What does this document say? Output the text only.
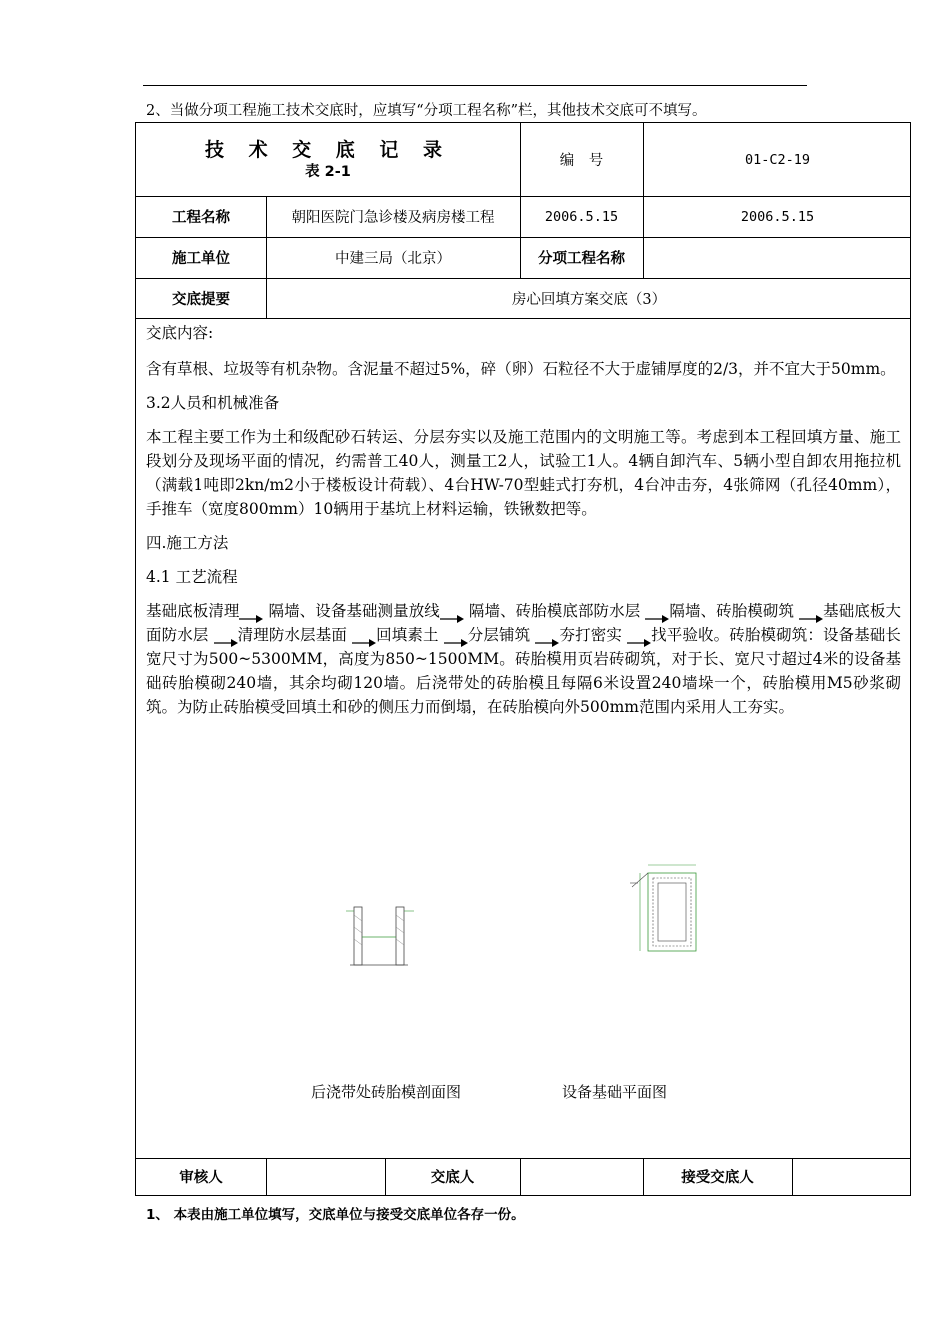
2、当做分项工程施工技术交底时，应填写“分项工程名称”栏，其他技术交底可不填写。
技 术 交 底 记 录
表 2-1
编　号	01-C2-19
工程名称	朝阳医院门急诊楼及病房楼工程	2006.5.15	2006.5.15
施工单位	中建三局（北京）	分项工程名称
交底提要	房心回填方案交底（3）

交底内容:

含有草根、垃圾等有机杂物。含泥量不超过5%，碎（卵）石粒径不大于虚铺厚度的2/3，并不宜大于50mm。

3.2人员和机械准备

本工程主要工作为土和级配砂石转运、分层夯实以及施工范围内的文明施工等。考虑到本工程回填方量、施工段划分及现场平面的情况，约需普工40人，测量工2人，试验工1人。4辆自卸汽车、5辆小型自卸农用拖拉机（满载1吨即2kn/m2小于楼板设计荷载）、4台HW-70型蛙式打夯机，4台冲击夯，4张筛网（孔径40mm），手推车（宽度800mm）10辆用于基坑上材料运输，铁锹数把等。

四.施工方法

4.1 工艺流程

基础底板清理 隔墙、设备基础测量放线 隔墙、砖胎模底部防水层 隔墙、砖胎模砌筑 基础底板大面防水层 清理防水层基面 回填素土 分层铺筑 夯打密实 找平验收。砖胎模砌筑：设备基础长宽尺寸为500~5300MM，高度为850~1500MM。砖胎模用页岩砖砌筑，对于长、宽尺寸超过4米的设备基础砖胎模砌240墙，其余均砌120墙。后浇带处的砖胎模且每隔6米设置240墙垛一个，砖胎模用M5砂浆砌筑。为防止砖胎模受回填土和砂的侧压力而倒塌，在砖胎模向外500mm范围内采用人工夯实。

后浇带处砖胎模剖面图	设备基础平面图
审核人	交底人	接受交底人
1、 本表由施工单位填写，交底单位与接受交底单位各存一份。
